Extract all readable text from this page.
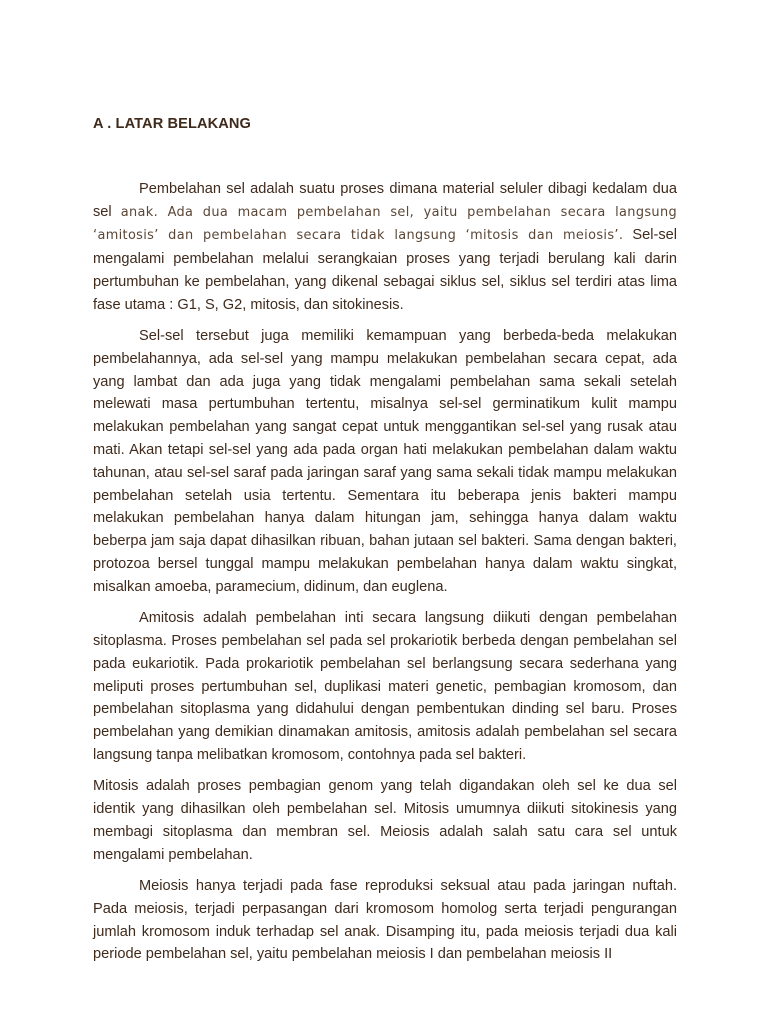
A . LATAR BELAKANG

Pembelahan sel adalah suatu proses dimana material seluler dibagi kedalam dua sel anak. Ada dua macam pembelahan sel, yaitu pembelahan secara langsung ‘amitosis’ dan pembelahan secara tidak langsung ‘mitosis dan meiosis’. Sel-sel mengalami pembelahan melalui serangkaian proses yang terjadi berulang kali darin pertumbuhan ke pembelahan, yang dikenal sebagai siklus sel, siklus sel terdiri atas lima fase utama : G1, S, G2, mitosis, dan sitokinesis.

Sel-sel tersebut juga memiliki kemampuan yang berbeda-beda melakukan pembelahannya, ada sel-sel yang mampu melakukan pembelahan secara cepat, ada yang lambat dan ada juga yang tidak mengalami pembelahan sama sekali setelah melewati masa pertumbuhan tertentu, misalnya sel-sel germinatikum kulit mampu melakukan pembelahan yang sangat cepat untuk menggantikan sel-sel yang rusak atau mati. Akan tetapi sel-sel yang ada pada organ hati melakukan pembelahan dalam waktu tahunan, atau sel-sel saraf pada jaringan saraf yang sama sekali tidak mampu melakukan pembelahan setelah usia tertentu. Sementara itu beberapa jenis bakteri mampu melakukan pembelahan hanya dalam hitungan jam, sehingga hanya dalam waktu beberpa jam saja dapat dihasilkan ribuan, bahan jutaan sel bakteri. Sama dengan bakteri, protozoa bersel tunggal mampu melakukan pembelahan hanya dalam waktu singkat, misalkan amoeba, paramecium, didinum, dan euglena.

Amitosis adalah pembelahan inti secara langsung diikuti dengan pembelahan sitoplasma. Proses pembelahan sel pada sel prokariotik berbeda dengan pembelahan sel pada eukariotik. Pada prokariotik pembelahan sel berlangsung secara sederhana yang meliputi proses pertumbuhan sel, duplikasi materi genetic, pembagian kromosom, dan pembelahan sitoplasma yang didahului dengan pembentukan dinding sel baru. Proses pembelahan yang demikian dinamakan amitosis, amitosis adalah pembelahan sel secara langsung tanpa melibatkan kromosom, contohnya pada sel bakteri.

Mitosis adalah proses pembagian genom yang telah digandakan oleh sel ke dua sel identik yang dihasilkan oleh pembelahan sel. Mitosis umumnya diikuti sitokinesis yang membagi sitoplasma dan membran sel. Meiosis adalah salah satu cara sel untuk mengalami pembelahan.

Meiosis hanya terjadi pada fase reproduksi seksual atau pada jaringan nuftah. Pada meiosis, terjadi perpasangan dari kromosom homolog serta terjadi pengurangan jumlah kromosom induk terhadap sel anak. Disamping itu, pada meiosis terjadi dua kali periode pembelahan sel, yaitu pembelahan meiosis I dan pembelahan meiosis II
